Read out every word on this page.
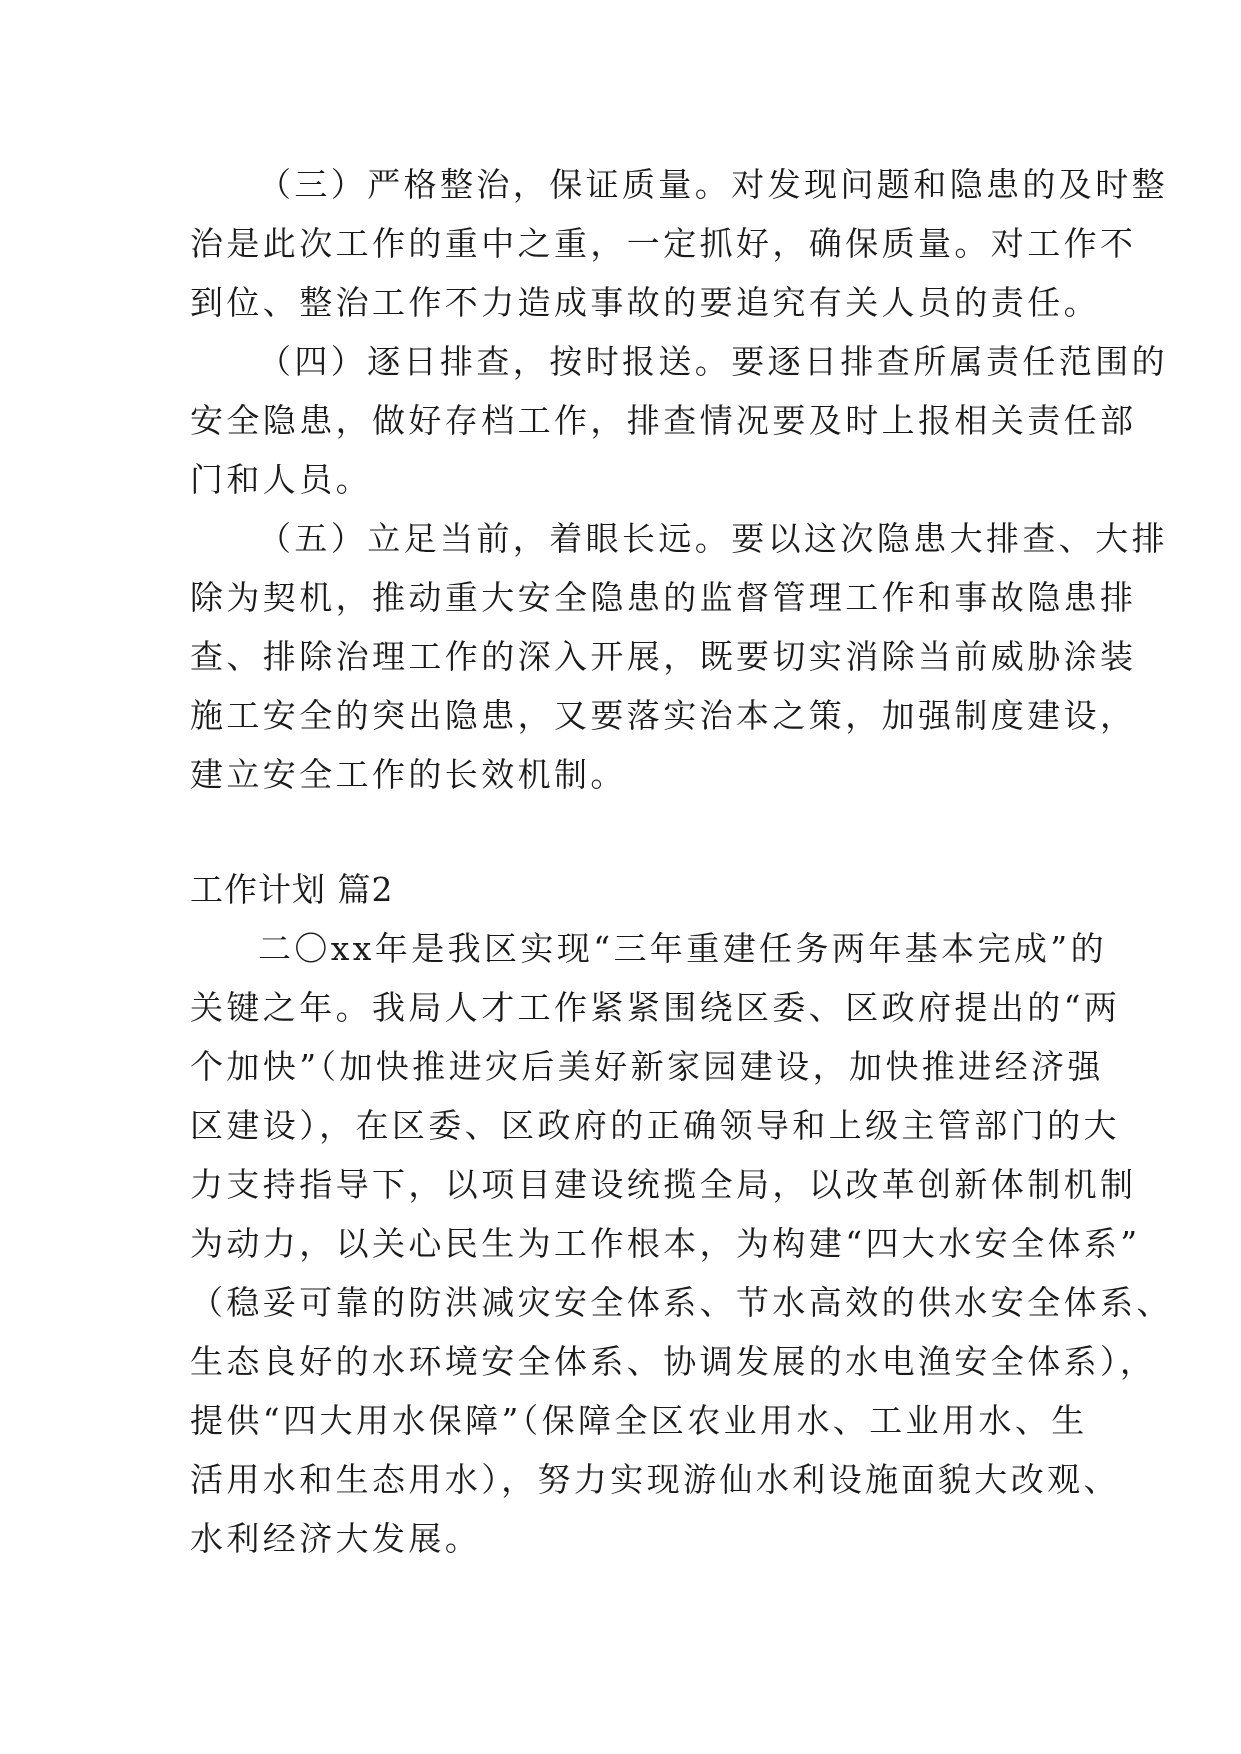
（三）严格整治，保证质量。对发现问题和隐患的及时整
治是此次工作的重中之重，一定抓好，确保质量。对工作不
到位、整治工作不力造成事故的要追究有关人员的责任。
（四）逐日排查，按时报送。要逐日排查所属责任范围的
安全隐患，做好存档工作，排查情况要及时上报相关责任部
门和人员。
（五）立足当前，着眼长远。要以这次隐患大排查、大排
除为契机，推动重大安全隐患的监督管理工作和事故隐患排
查、排除治理工作的深入开展，既要切实消除当前威胁涂装
施工安全的突出隐患，又要落实治本之策，加强制度建设，
建立安全工作的长效机制。
工作计划 篇2
二〇xx年是我区实现“三年重建任务两年基本完成”的
关键之年。我局人才工作紧紧围绕区委、区政府提出的“两
个加快”（加快推进灾后美好新家园建设，加快推进经济强
区建设），在区委、区政府的正确领导和上级主管部门的大
力支持指导下，以项目建设统揽全局，以改革创新体制机制
为动力，以关心民生为工作根本，为构建“四大水安全体系”
（稳妥可靠的防洪减灾安全体系、节水高效的供水安全体系、
生态良好的水环境安全体系、协调发展的水电渔安全体系），
提供“四大用水保障”（保障全区农业用水、工业用水、生
活用水和生态用水），努力实现游仙水利设施面貌大改观、
水利经济大发展。
